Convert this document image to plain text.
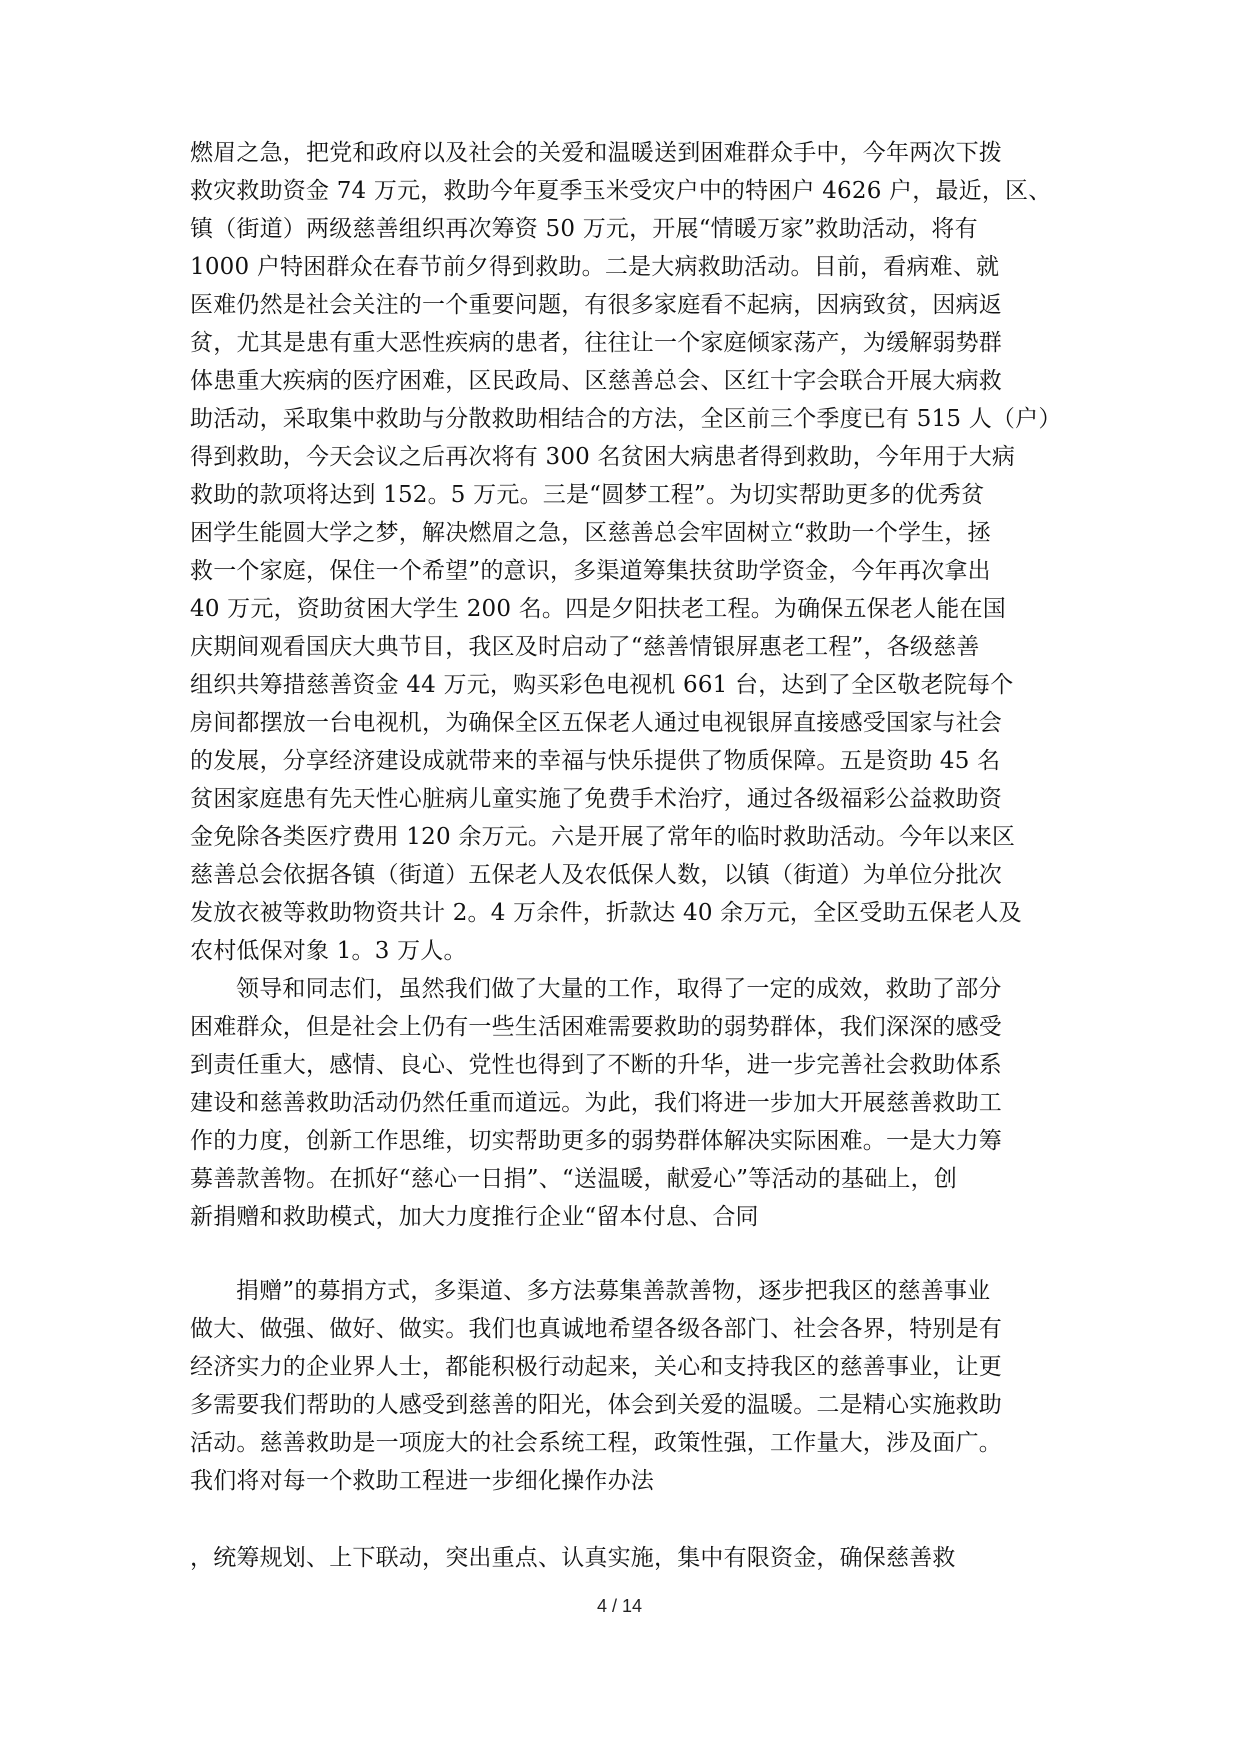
燃眉之急，把党和政府以及社会的关爱和温暖送到困难群众手中，今年两次下拨
救灾救助资金 74 万元，救助今年夏季玉米受灾户中的特困户 4626 户，最近，区、
镇（街道）两级慈善组织再次筹资 50 万元，开展“情暖万家”救助活动，将有
1000 户特困群众在春节前夕得到救助。二是大病救助活动。目前，看病难、就
医难仍然是社会关注的一个重要问题，有很多家庭看不起病，因病致贫，因病返
贫，尤其是患有重大恶性疾病的患者，往往让一个家庭倾家荡产，为缓解弱势群
体患重大疾病的医疗困难，区民政局、区慈善总会、区红十字会联合开展大病救
助活动，采取集中救助与分散救助相结合的方法，全区前三个季度已有 515 人（户）
得到救助，今天会议之后再次将有 300 名贫困大病患者得到救助，今年用于大病
救助的款项将达到 152。5 万元。三是“圆梦工程”。为切实帮助更多的优秀贫
困学生能圆大学之梦，解决燃眉之急，区慈善总会牢固树立“救助一个学生，拯
救一个家庭，保住一个希望”的意识，多渠道筹集扶贫助学资金，今年再次拿出
40 万元，资助贫困大学生 200 名。四是夕阳扶老工程。为确保五保老人能在国
庆期间观看国庆大典节目，我区及时启动了“慈善情银屏惠老工程”，各级慈善
组织共筹措慈善资金 44 万元，购买彩色电视机 661 台，达到了全区敬老院每个
房间都摆放一台电视机，为确保全区五保老人通过电视银屏直接感受国家与社会
的发展，分享经济建设成就带来的幸福与快乐提供了物质保障。五是资助 45 名
贫困家庭患有先天性心脏病儿童实施了免费手术治疗，通过各级福彩公益救助资
金免除各类医疗费用 120 余万元。六是开展了常年的临时救助活动。今年以来区
慈善总会依据各镇（街道）五保老人及农低保人数，以镇（街道）为单位分批次
发放衣被等救助物资共计 2。4 万余件，折款达 40 余万元，全区受助五保老人及
农村低保对象 1。3 万人。
领导和同志们，虽然我们做了大量的工作，取得了一定的成效，救助了部分
困难群众，但是社会上仍有一些生活困难需要救助的弱势群体，我们深深的感受
到责任重大，感情、良心、党性也得到了不断的升华，进一步完善社会救助体系
建设和慈善救助活动仍然任重而道远。为此，我们将进一步加大开展慈善救助工
作的力度，创新工作思维，切实帮助更多的弱势群体解决实际困难。一是大力筹
募善款善物。在抓好“慈心一日捐”、“送温暖，献爱心”等活动的基础上，创
新捐赠和救助模式，加大力度推行企业“留本付息、合同
捐赠”的募捐方式，多渠道、多方法募集善款善物，逐步把我区的慈善事业
做大、做强、做好、做实。我们也真诚地希望各级各部门、社会各界，特别是有
经济实力的企业界人士，都能积极行动起来，关心和支持我区的慈善事业，让更
多需要我们帮助的人感受到慈善的阳光，体会到关爱的温暖。二是精心实施救助
活动。慈善救助是一项庞大的社会系统工程，政策性强，工作量大，涉及面广。
我们将对每一个救助工程进一步细化操作办法
，统筹规划、上下联动，突出重点、认真实施，集中有限资金，确保慈善救
4 / 14
